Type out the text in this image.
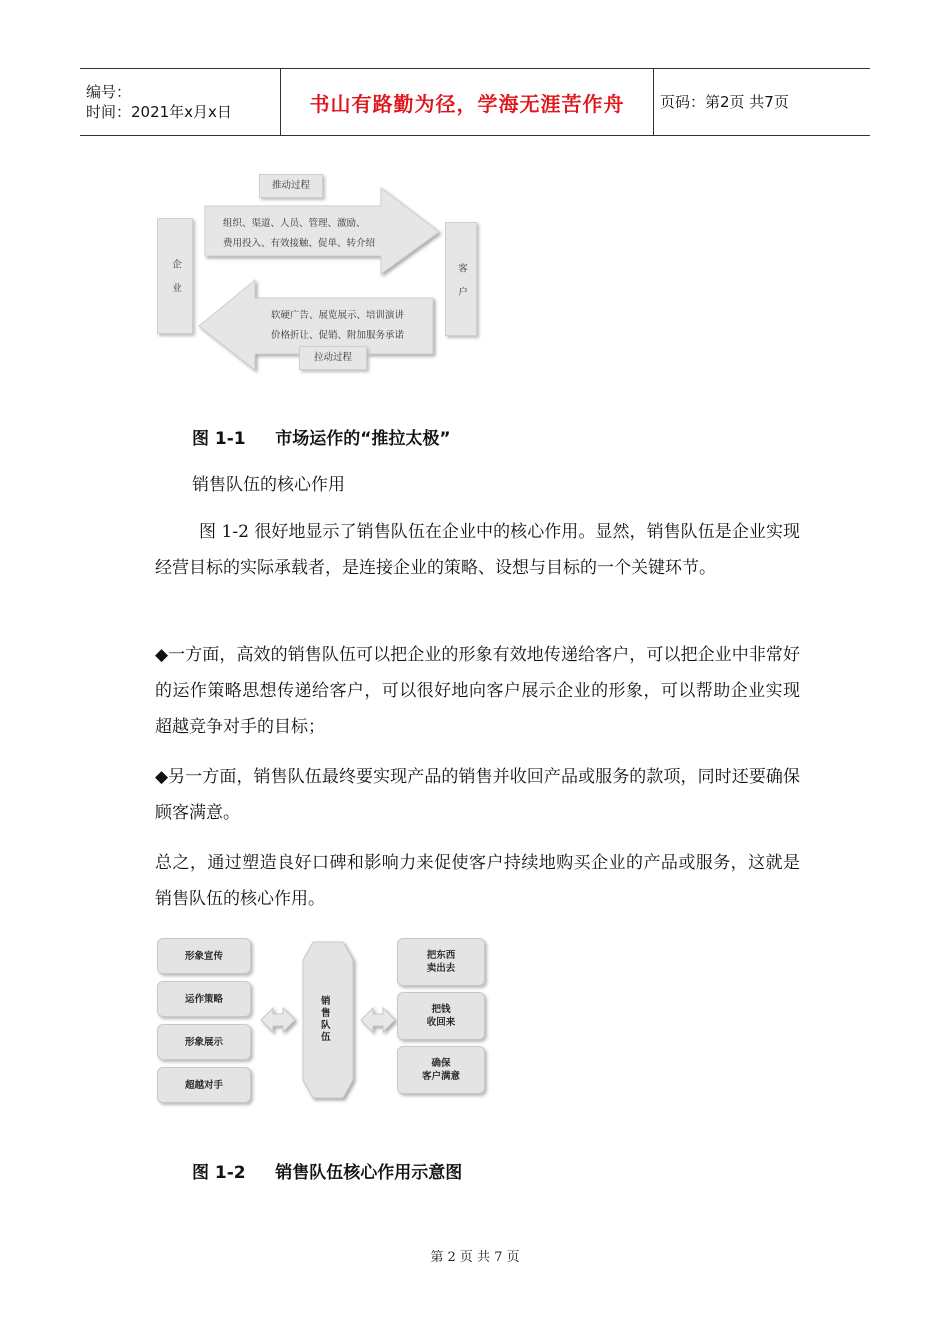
编号：
时间：2021年x月x日	书山有路勤为径，学海无涯苦作舟	页码：第2页 共7页
企业	客户
推动过程
组织、渠道、人员、管理、激励、
费用投入、有效接触、促单、转介绍
软硬广告、展览展示、培训演讲
价格折让、促销、附加服务承诺
拉动过程
图 1-1     市场运作的“推拉太极”
销售队伍的核心作用

图 1-2 很好地显示了销售队伍在企业中的核心作用。显然，销售队伍是企业实现经营目标的实际承载者，是连接企业的策略、设想与目标的一个关键环节。

◆一方面，高效的销售队伍可以把企业的形象有效地传递给客户，可以把企业中非常好的运作策略思想传递给客户，可以很好地向客户展示企业的形象，可以帮助企业实现超越竞争对手的目标；

◆另一方面，销售队伍最终要实现产品的销售并收回产品或服务的款项，同时还要确保顾客满意。

总之，通过塑造良好口碑和影响力来促使客户持续地购买企业的产品或服务，这就是销售队伍的核心作用。

形象宣传
运作策略
形象展示
超越对手
销售队伍
把东西
卖出去
把钱
收回来
确保
客户满意
图 1-2     销售队伍核心作用示意图
第 2 页 共 7 页
